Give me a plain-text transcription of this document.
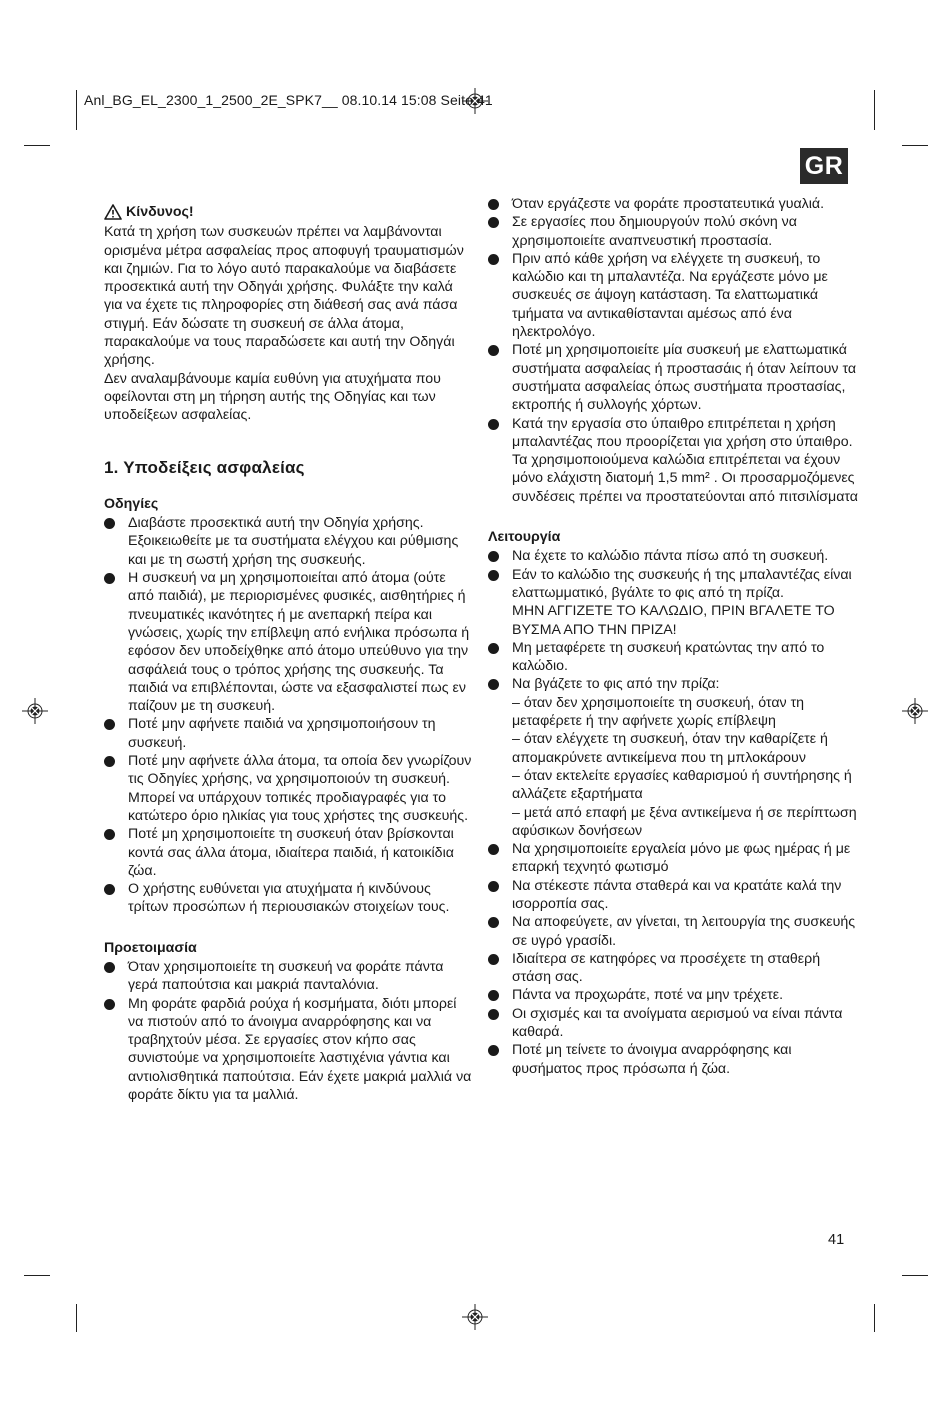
Anl_BG_EL_2300_1_2500_2E_SPK7__ 08.10.14 15:08 Seite 41
GR
Κίνδυνος!

Κατά τη χρήση των συσκευών πρέπει να λαμβάνονται ορισμένα μέτρα ασφαλείας προς αποφυγή τραυματισμών και ζημιών. Για το λόγο αυτό παρακαλούμε να διαβάσετε προσεκτικά αυτή την Οδηγάι χρήσης. Φυλάξτε την καλά για να έχετε τις πληροφορίες στη διάθεσή σας ανά πάσα στιγμή. Εάν δώσατε τη συσκευή σε άλλα άτομα, παρακαλούμε να τους παραδώσετε και αυτή την Οδηγάι χρήσης.

Δεν αναλαμβάνουμε καμία ευθύνη για ατυχήματα που οφείλονται στη μη τήρηση αυτής της Οδηγίας και των υποδείξεων ασφαλείας.

1. Υποδείξεις ασφαλείας
Οδηγίες
Διαβάστε προσεκτικά αυτή την Οδηγία χρήσης. Εξοικειωθείτε με τα συστήματα ελέγχου και ρύθμισης και με τη σωστή χρήση της συσκευής.
Η συσκευή να μη χρησιμοποιείται από άτομα (ούτε από παιδιά), με περιορισμένες φυσικές, αισθητήριες ή πνευματικές ικανότητες ή με ανεπαρκή πείρα και γνώσεις, χωρίς την επίβλεψη από ενήλικα πρόσωπα ή εφόσον δεν υποδείχθηκε από άτομο υπεύθυνο για την ασφάλειά τους ο τρόπος χρήσης της συσκευής. Τα παιδιά να επιβλέπονται, ώστε να εξασφαλιστεί πως εν παίζουν με τη συσκευή.
Ποτέ μην αφήνετε παιδιά να χρησιμοποιήσουν τη συσκευή.
Ποτέ μην αφήνετε άλλα άτομα, τα οποία δεν γνωρίζουν τις Οδηγίες χρήσης, να χρησιμοποιούν τη συσκευή. Μπορεί να υπάρχουν τοπικές προδιαγραφές για το κατώτερο όριο ηλικίας για τους χρήστες της συσκευής.
Ποτέ μη χρησιμοποιείτε τη συσκευή όταν βρίσκονται κοντά σας άλλα άτομα, ιδιαίτερα παιδιά, ή κατοικίδια ζώα.
Ο χρήστης ευθύνεται για ατυχήματα ή κινδύνους τρίτων προσώπων ή περιουσιακών στοιχείων τους.
Προετοιμασία
Όταν χρησιμοποιείτε τη συσκευή να φοράτε πάντα γερά παπούτσια και μακριά πανταλόνια.
Μη φοράτε φαρδιά ρούχα ή κοσμήματα, διότι μπορεί να πιστούν από το άνοιγμα αναρρόφησης και να τραβηχτούν μέσα. Σε εργασίες στον κήπο σας συνιστούμε να χρησιμοποιείτε λαστιχένια γάντια και αντιολισθητικά παπούτσια. Εάν έχετε μακριά μαλλιά να φοράτε δίκτυ για τα μαλλιά.
Όταν εργάζεστε να φοράτε προστατευτικά γυαλιά.
Σε εργασίες που δημιουργούν πολύ σκόνη να χρησιμοποιείτε αναπνευστική προστασία.
Πριν από κάθε χρήση να ελέγχετε τη συσκευή, το καλώδιο και τη μπαλαντέζα. Να εργάζεστε μόνο με συσκευές σε άψογη κατάσταση. Τα ελαττωματικά τμήματα να αντικαθίστανται αμέσως από ένα ηλεκτρολόγο.
Ποτέ μη χρησιμοποιείτε μία συσκευή με ελαττωματικά συστήματα ασφαλείας ή προστασάις ή όταν λείπουν τα συστήματα ασφαλείας όπως συστήματα προστασίας, εκτροπής ή συλλογής χόρτων.
Κατά την εργασία στο ύπαιθρο επιτρέπεται η χρήση μπαλαντέζας που προορίζεται για χρήση στο ύπαιθρο. Τα χρησιμοποιούμενα καλώδια επιτρέπεται να έχουν μόνο ελάχιστη διατομή 1,5 mm² . Οι προσαρμοζόμενες συνδέσεις πρέπει να προστατεύονται από πιτσιλίσματα
Λειτουργία
Να έχετε το καλώδιο πάντα πίσω από τη συσκευή.
Εάν το καλώδιο της συσκευής ή της μπαλαντέζας είναι ελαττωμματικό, βγάλτε το φις από τη πρίζα.
ΜΗΝ ΑΓΓΙΖΕΤΕ ΤΟ ΚΑΛΩΔΙΟ, ΠΡΙΝ ΒΓΑΛΕΤΕ ΤΟ ΒΥΣΜΑ ΑΠΟ ΤΗΝ ΠΡΙΖΑ!
Μη μεταφέρετε τη συσκευή κρατώντας την από το καλώδιο.
Να βγάζετε το φις από την πρίζα:
– όταν δεν χρησιμοποιείτε τη συσκευή, όταν τη μεταφέρετε ή την αφήνετε χωρίς επίβλεψη
– όταν ελέγχετε τη συσκευή, όταν την καθαρίζετε ή απομακρύνετε αντικείμενα που τη μπλοκάρουν
– όταν εκτελείτε εργασίες καθαρισμού ή συντήρησης ή αλλάζετε εξαρτήματα
– μετά από επαφή με ξένα αντικείμενα ή σε περίπτωση αφύσικων δονήσεων
Να χρησιμοποιείτε εργαλεία μόνο με φως ημέρας ή με επαρκή τεχνητό φωτισμό
Να στέκεστε πάντα σταθερά και να κρατάτε καλά την ισορροπία σας.
Να αποφεύγετε, αν γίνεται, τη λειτουργία της συσκευής σε υγρό γρασίδι.
Ιδιαίτερα σε κατηφόρες να προσέχετε τη σταθερή στάση σας.
Πάντα να προχωράτε, ποτέ να μην τρέχετε.
Οι σχισμές και τα ανοίγματα αερισμού να είναι πάντα καθαρά.
Ποτέ μη τείνετε το άνοιγμα αναρρόφησης και φυσήματος προς πρόσωπα ή ζώα.
41
